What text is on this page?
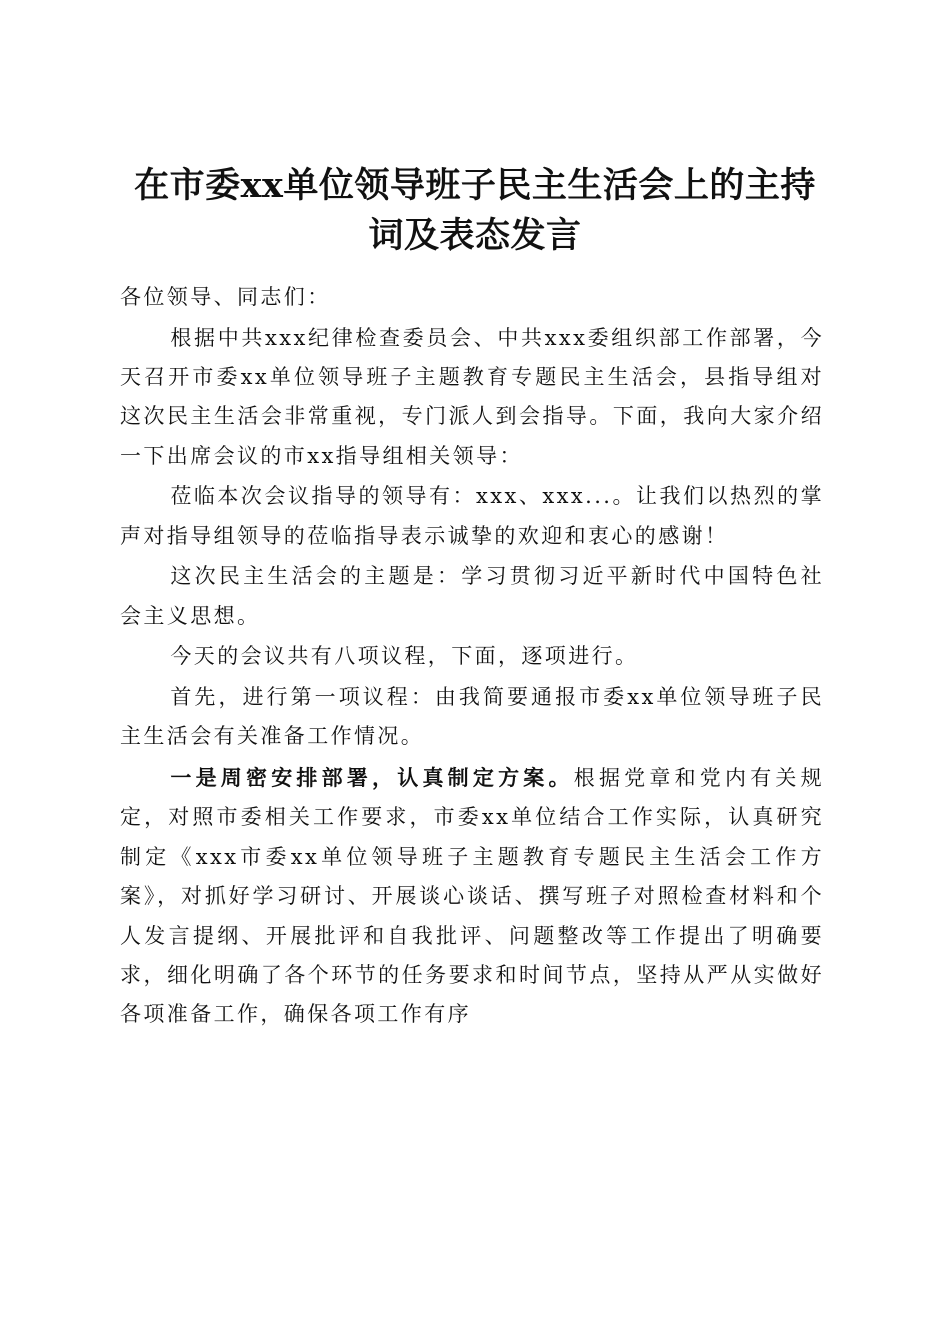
在市委xx单位领导班子民主生活会上的主持
词及表态发言

各位领导、同志们：

根据中共xxx纪律检查委员会、中共xxx委组织部工作部署，今天召开市委xx单位领导班子主题教育专题民主生活会，县指导组对这次民主生活会非常重视，专门派人到会指导。下面，我向大家介绍一下出席会议的市xx指导组相关领导：

莅临本次会议指导的领导有：xxx、xxx...。让我们以热烈的掌声对指导组领导的莅临指导表示诚挚的欢迎和衷心的感谢！

这次民主生活会的主题是：学习贯彻习近平新时代中国特色社会主义思想。

今天的会议共有八项议程，下面，逐项进行。

首先，进行第一项议程：由我简要通报市委xx单位领导班子民主生活会有关准备工作情况。

一是周密安排部署，认真制定方案。根据党章和党内有关规定，对照市委相关工作要求，市委xx单位结合工作实际，认真研究制定《xxx市委xx单位领导班子主题教育专题民主生活会工作方案》，对抓好学习研讨、开展谈心谈话、撰写班子对照检查材料和个人发言提纲、开展批评和自我批评、问题整改等工作提出了明确要求，细化明确了各个环节的任务要求和时间节点，坚持从严从实做好各项准备工作，确保各项工作有序
